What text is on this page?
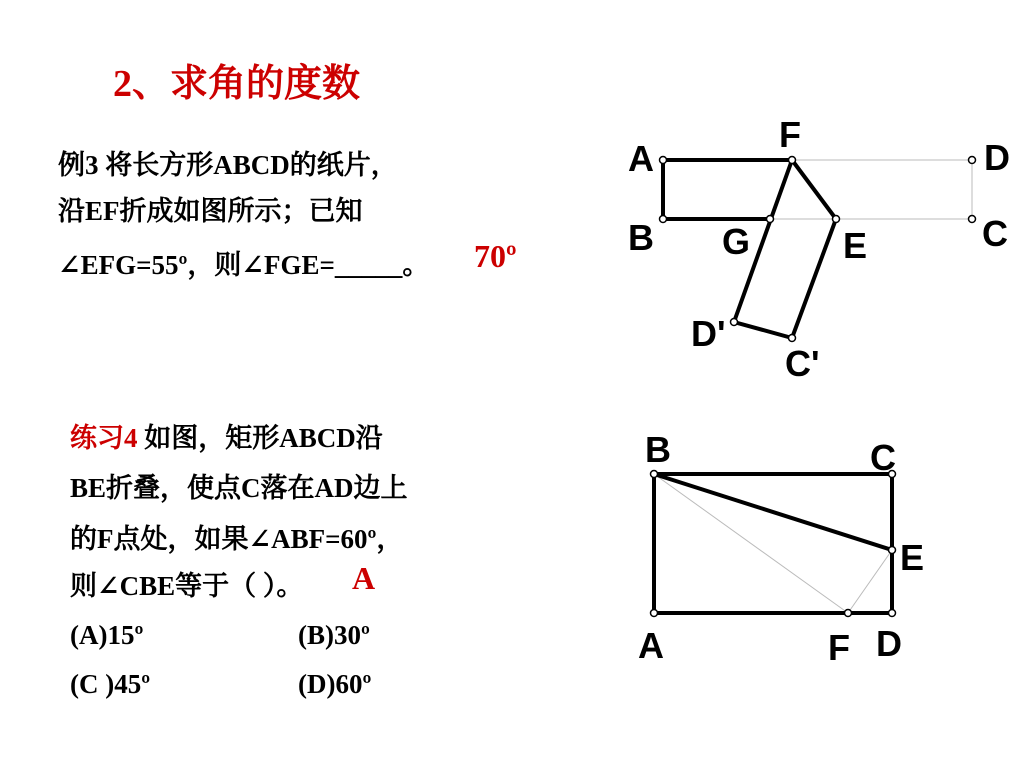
2、求角的度数
例3 将长方形ABCD的纸片，
沿EF折成如图所示；已知
∠EFG=55º，则∠FGE=_____。 70º
练习4 如图，矩形ABCD沿
BE折叠，使点C落在AD边上
的F点处，如果∠ABF=60º，
则∠CBE等于（ ）。
(A)15º	(B)30º
(C )45º	(D)60º
A
A
B
F
G	E
D
C
D'
C'
B	C
E
A	F D
